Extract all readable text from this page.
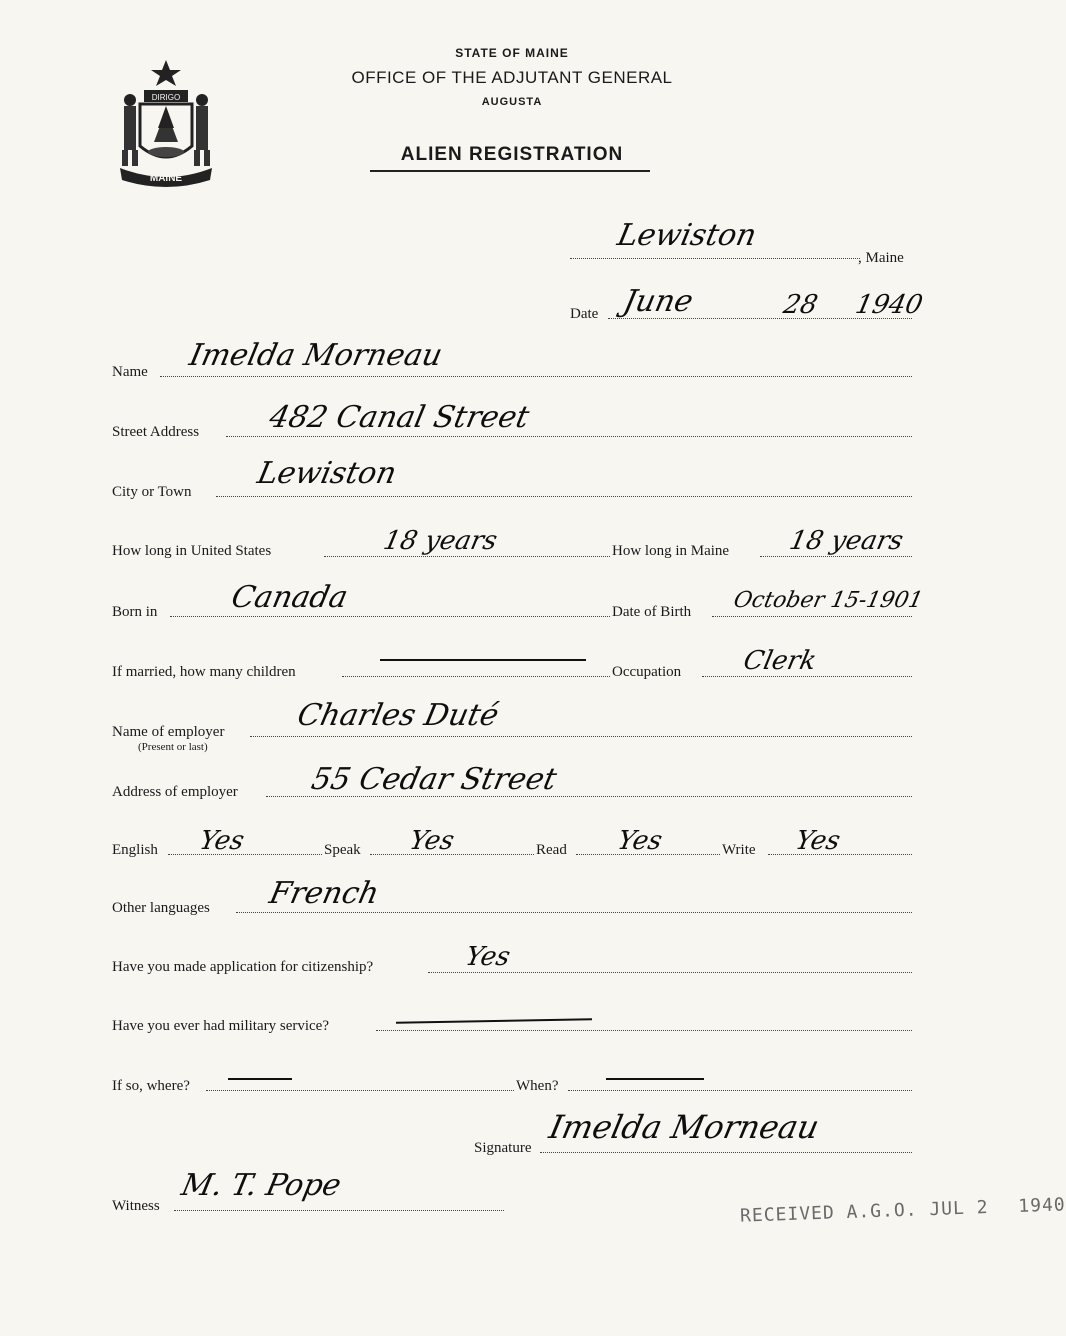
MAINE
DIRIGO
STATE OF MAINE
OFFICE OF THE ADJUTANT GENERAL
AUGUSTA
ALIEN REGISTRATION
Lewiston
, Maine
Date June	28 1940
Name Imelda Morneau
Street Address 482 Canal Street
City or Town
Lewiston
How long in United States	18 years	How long in Maine 18 years
Born in Canada	Date of Birth October 15-1901
If married, how many children	Occupation Clerk
Name of employer
(Present or last)
Charles Duté
Address of employer 55 Cedar Street
English Yes	Speak Yes	Read Yes	Write Yes
Other languages French
Have you made application for citizenship?	Yes
Have you ever had military service?
If so, where?	When?
Signature
Imelda Morneau
Witness
M. T. Pope
RECEIVED A.G.O. JUL 2 1940
